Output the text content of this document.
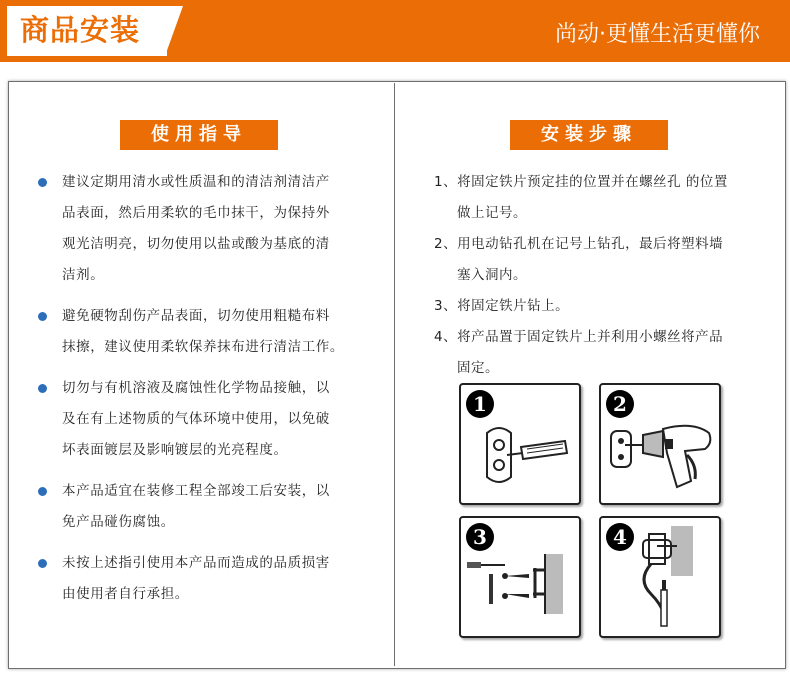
商品安装	尚动·更懂生活更懂你
使用指导
建议定期用清水或性质温和的清洁剂清洁产
品表面，然后用柔软的毛巾抹干，为保持外
观光洁明亮，切勿使用以盐或酸为基底的清
洁剂。
避免硬物刮伤产品表面，切勿使用粗糙布料
抹擦，建议使用柔软保养抹布进行清洁工作。
切勿与有机溶液及腐蚀性化学物品接触，以
及在有上述物质的气体环境中使用，以免破
坏表面镀层及影响镀层的光亮程度。
本产品适宜在装修工程全部竣工后安装，以
免产品碰伤腐蚀。
未按上述指引使用本产品而造成的品质损害
由使用者自行承担。
安装步骤
1、将固定铁片预定挂的位置并在螺丝孔 的位置
做上记号。
2、用电动钻孔机在记号上钻孔，最后将塑料墙
塞入洞内。
3、将固定铁片钻上。
4、将产品置于固定铁片上并利用小螺丝将产品
固定。
1	2
3	4
